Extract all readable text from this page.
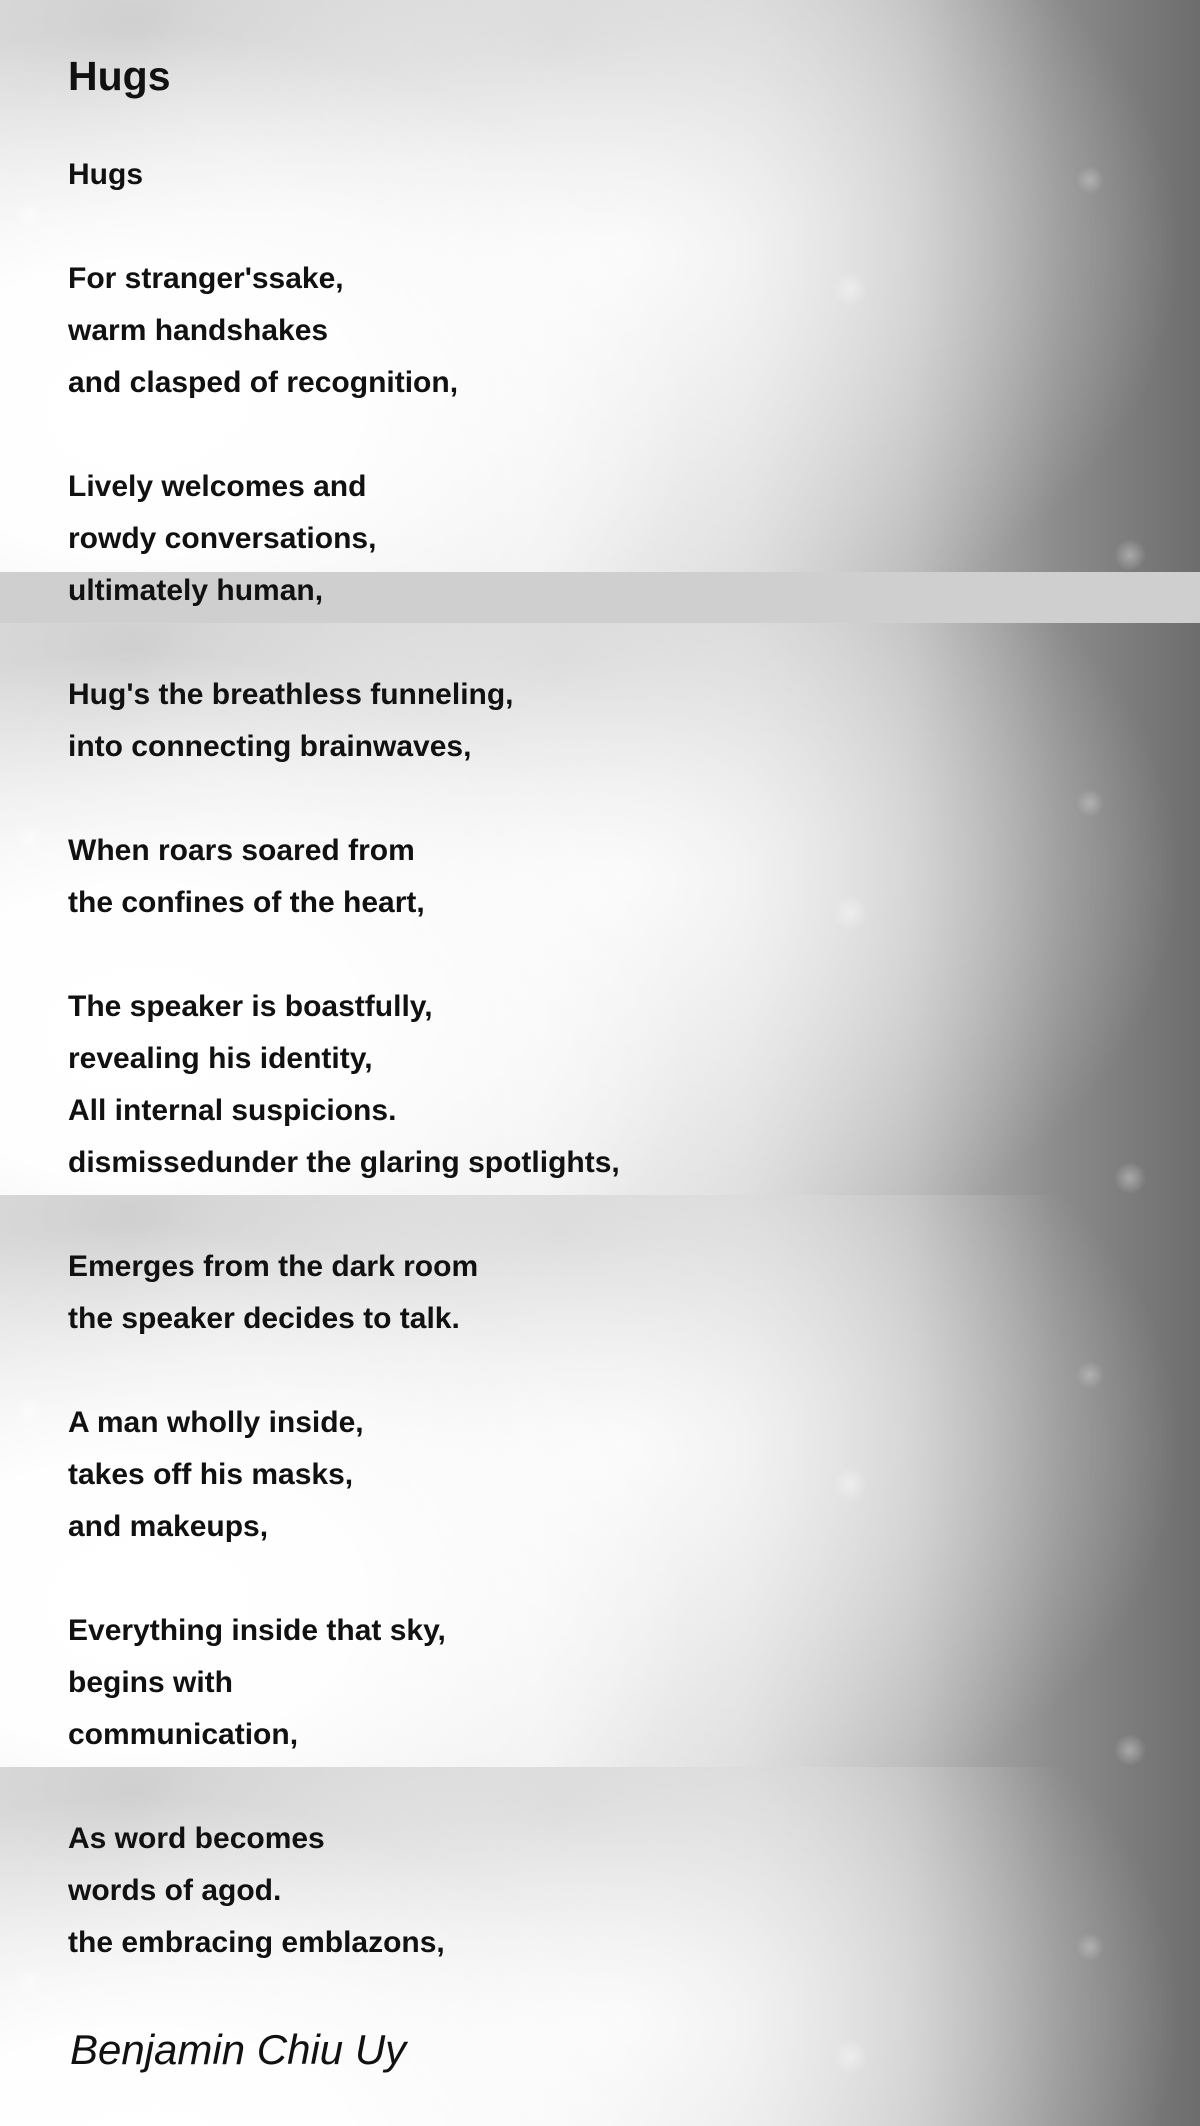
Hugs
Hugs
For stranger'ssake,
warm handshakes
and clasped of recognition,
Lively welcomes and
rowdy conversations,
ultimately human,
Hug's the breathless funneling,
into connecting brainwaves,
When roars soared from
the confines of the heart,
The speaker is boastfully,
revealing his identity,
All internal suspicions.
dismissedunder the glaring spotlights,
Emerges from the dark room
the speaker decides to talk.
A man wholly inside,
takes off his masks,
and makeups,
Everything inside that sky,
begins with
communication,
As word becomes
words of agod.
the embracing emblazons,

Benjamin Chiu Uy
